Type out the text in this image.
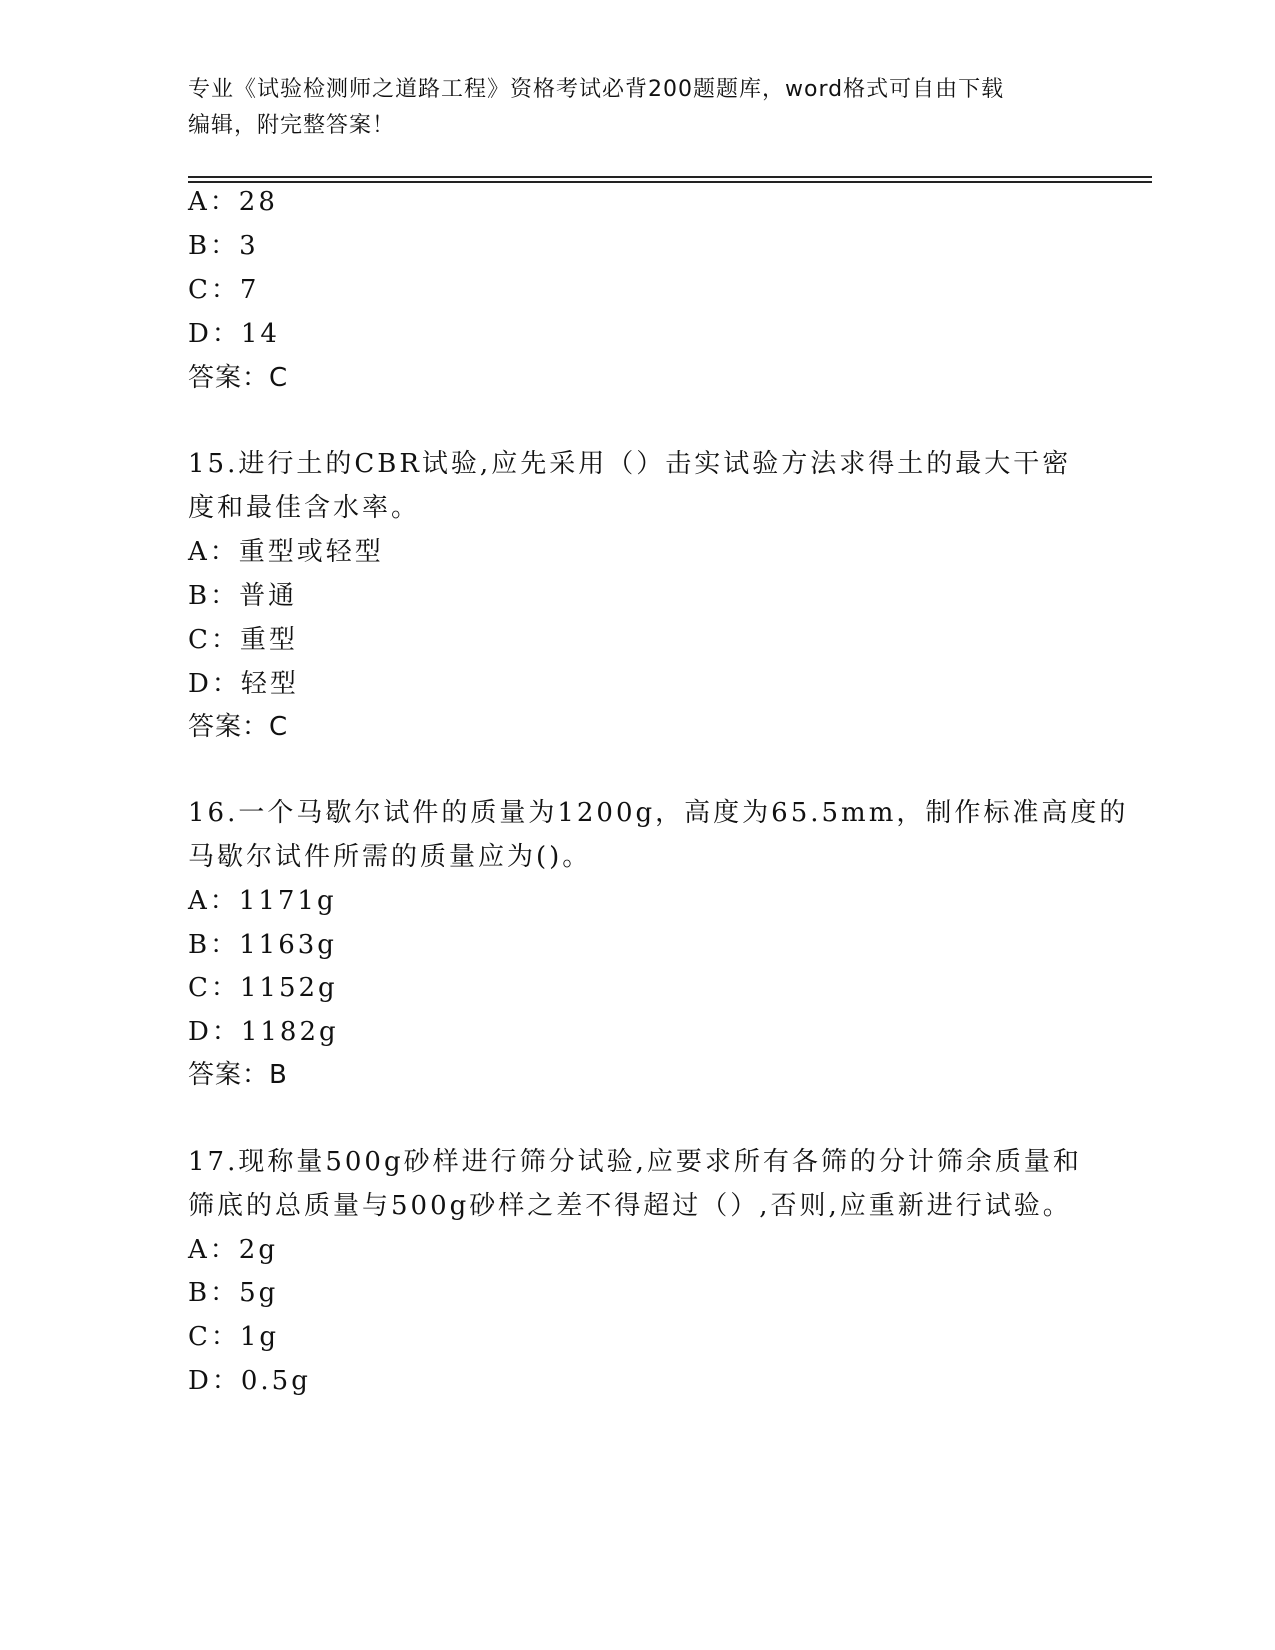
专业《试验检测师之道路工程》资格考试必背200题题库，word格式可自由下载
编辑，附完整答案！
A：28
B：3
C：7
D：14
答案：C
15.进行土的CBR试验,应先采用（）击实试验方法求得土的最大干密
度和最佳含水率。
A：重型或轻型
B：普通
C：重型
D：轻型
答案：C
16.一个马歇尔试件的质量为1200g，高度为65.5mm，制作标准高度的
马歇尔试件所需的质量应为()。
A：1171g
B：1163g
C：1152g
D：1182g
答案：B
17.现称量500g砂样进行筛分试验,应要求所有各筛的分计筛余质量和
筛底的总质量与500g砂样之差不得超过（）,否则,应重新进行试验。
A：2g
B：5g
C：1g
D：0.5g
